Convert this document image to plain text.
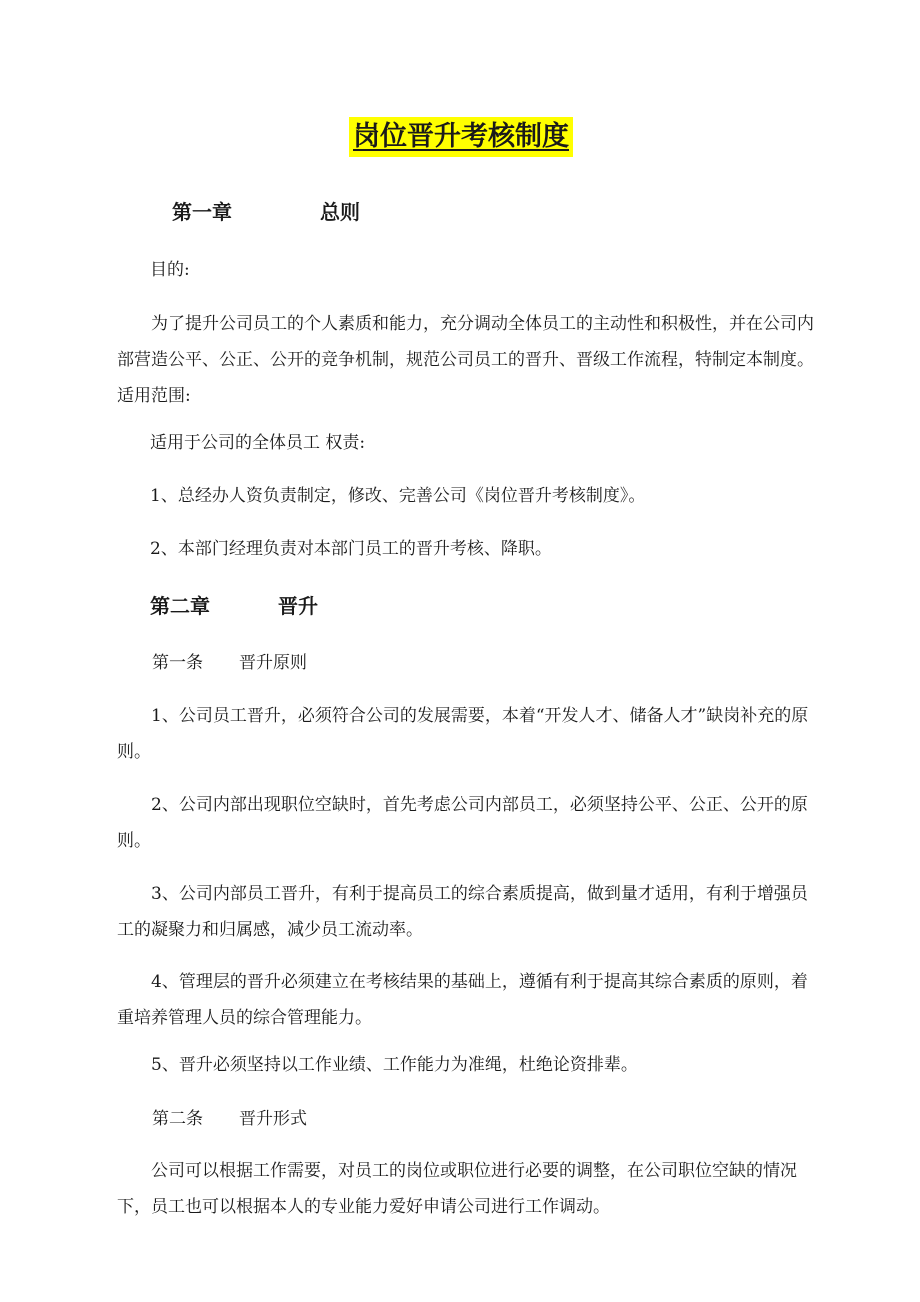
岗位晋升考核制度
第一章	总则
目的:
为了提升公司员工的个人素质和能力，充分调动全体员工的主动性和积极性，并在公司内部营造公平、公正、公开的竞争机制，规范公司员工的晋升、晋级工作流程，特制定本制度。 适用范围:
适用于公司的全体员工 权责:
1、总经办人资负责制定，修改、完善公司《岗位晋升考核制度》。
2、本部门经理负责对本部门员工的晋升考核、降职。
第二章	晋升
第一条 晋升原则
1、公司员工晋升，必须符合公司的发展需要，本着“开发人才、储备人才”缺岗补充的原则。
2、公司内部出现职位空缺时，首先考虑公司内部员工，必须坚持公平、公正、公开的原则。
3、公司内部员工晋升，有利于提高员工的综合素质提高，做到量才适用，有利于增强员工的凝聚力和归属感，减少员工流动率。
4、管理层的晋升必须建立在考核结果的基础上，遵循有利于提高其综合素质的原则，着重培养管理人员的综合管理能力。
5、晋升必须坚持以工作业绩、工作能力为准绳，杜绝论资排辈。
第二条 晋升形式
公司可以根据工作需要，对员工的岗位或职位进行必要的调整，在公司职位空缺的情况下，员工也可以根据本人的专业能力爱好申请公司进行工作调动。
